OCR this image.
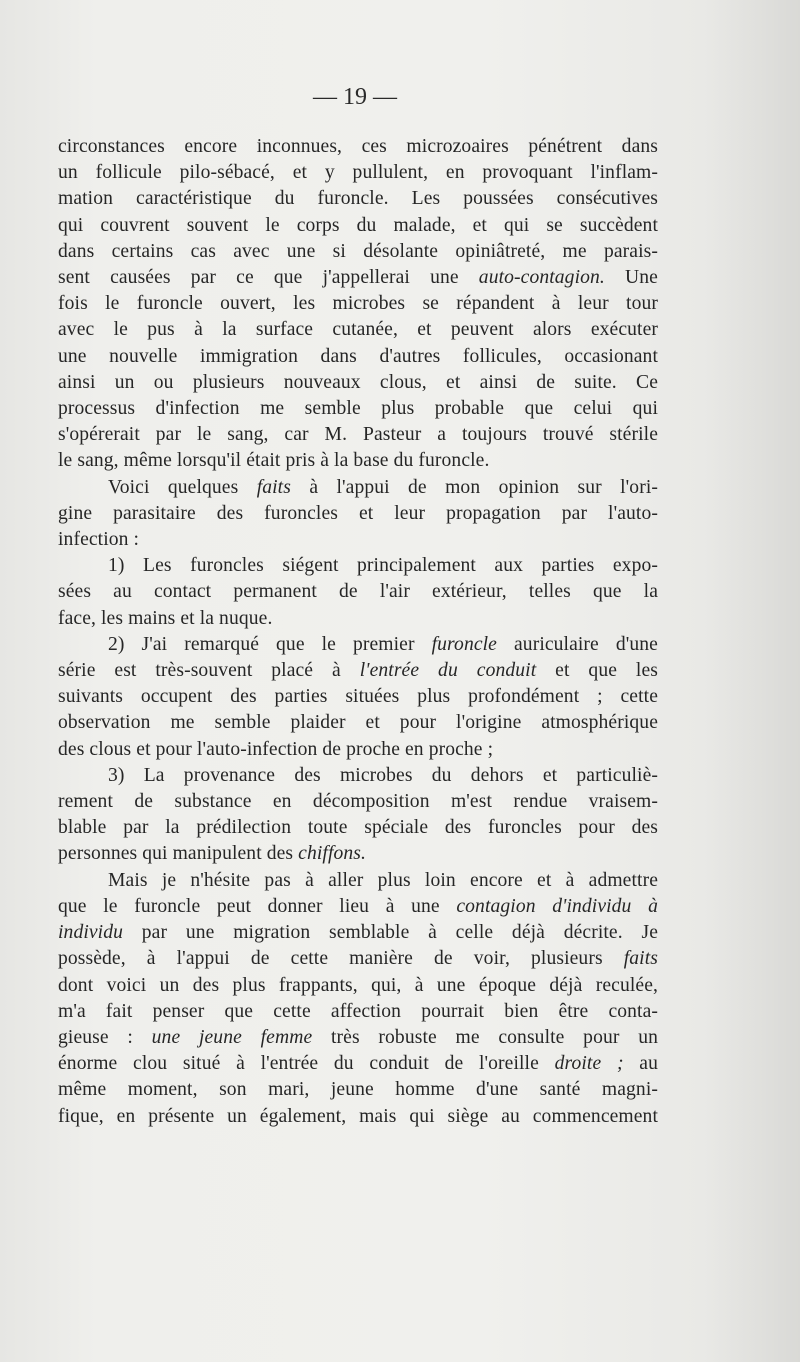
— 19 —
circonstances encore inconnues, ces microzoaires pénétrent dans
un follicule pilo-sébacé, et y pullulent, en provoquant l'inflam-
mation caractéristique du furoncle. Les poussées consécutives
qui couvrent souvent le corps du malade, et qui se succèdent
dans certains cas avec une si désolante opiniâtreté, me parais-
sent causées par ce que j'appellerai une auto-contagion. Une
fois le furoncle ouvert, les microbes se répandent à leur tour
avec le pus à la surface cutanée, et peuvent alors exécuter
une nouvelle immigration dans d'autres follicules, occasionant
ainsi un ou plusieurs nouveaux clous, et ainsi de suite. Ce
processus d'infection me semble plus probable que celui qui
s'opérerait par le sang, car M. Pasteur a toujours trouvé stérile
le sang, même lorsqu'il était pris à la base du furoncle.
Voici quelques faits à l'appui de mon opinion sur l'ori-
gine parasitaire des furoncles et leur propagation par l'auto-
infection :
1) Les furoncles siégent principalement aux parties expo-
sées au contact permanent de l'air extérieur, telles que la
face, les mains et la nuque.
2) J'ai remarqué que le premier furoncle auriculaire d'une
série est très-souvent placé à l'entrée du conduit et que les
suivants occupent des parties situées plus profondément ; cette
observation me semble plaider et pour l'origine atmosphérique
des clous et pour l'auto-infection de proche en proche ;
3) La provenance des microbes du dehors et particuliè-
rement de substance en décomposition m'est rendue vraisem-
blable par la prédilection toute spéciale des furoncles pour des
personnes qui manipulent des chiffons.
Mais je n'hésite pas à aller plus loin encore et à admettre
que le furoncle peut donner lieu à une contagion d'individu à
individu par une migration semblable à celle déjà décrite. Je
possède, à l'appui de cette manière de voir, plusieurs faits
dont voici un des plus frappants, qui, à une époque déjà reculée,
m'a fait penser que cette affection pourrait bien être conta-
gieuse : une jeune femme très robuste me consulte pour un
énorme clou situé à l'entrée du conduit de l'oreille droite ; au
même moment, son mari, jeune homme d'une santé magni-
fique, en présente un également, mais qui siège au commencement
